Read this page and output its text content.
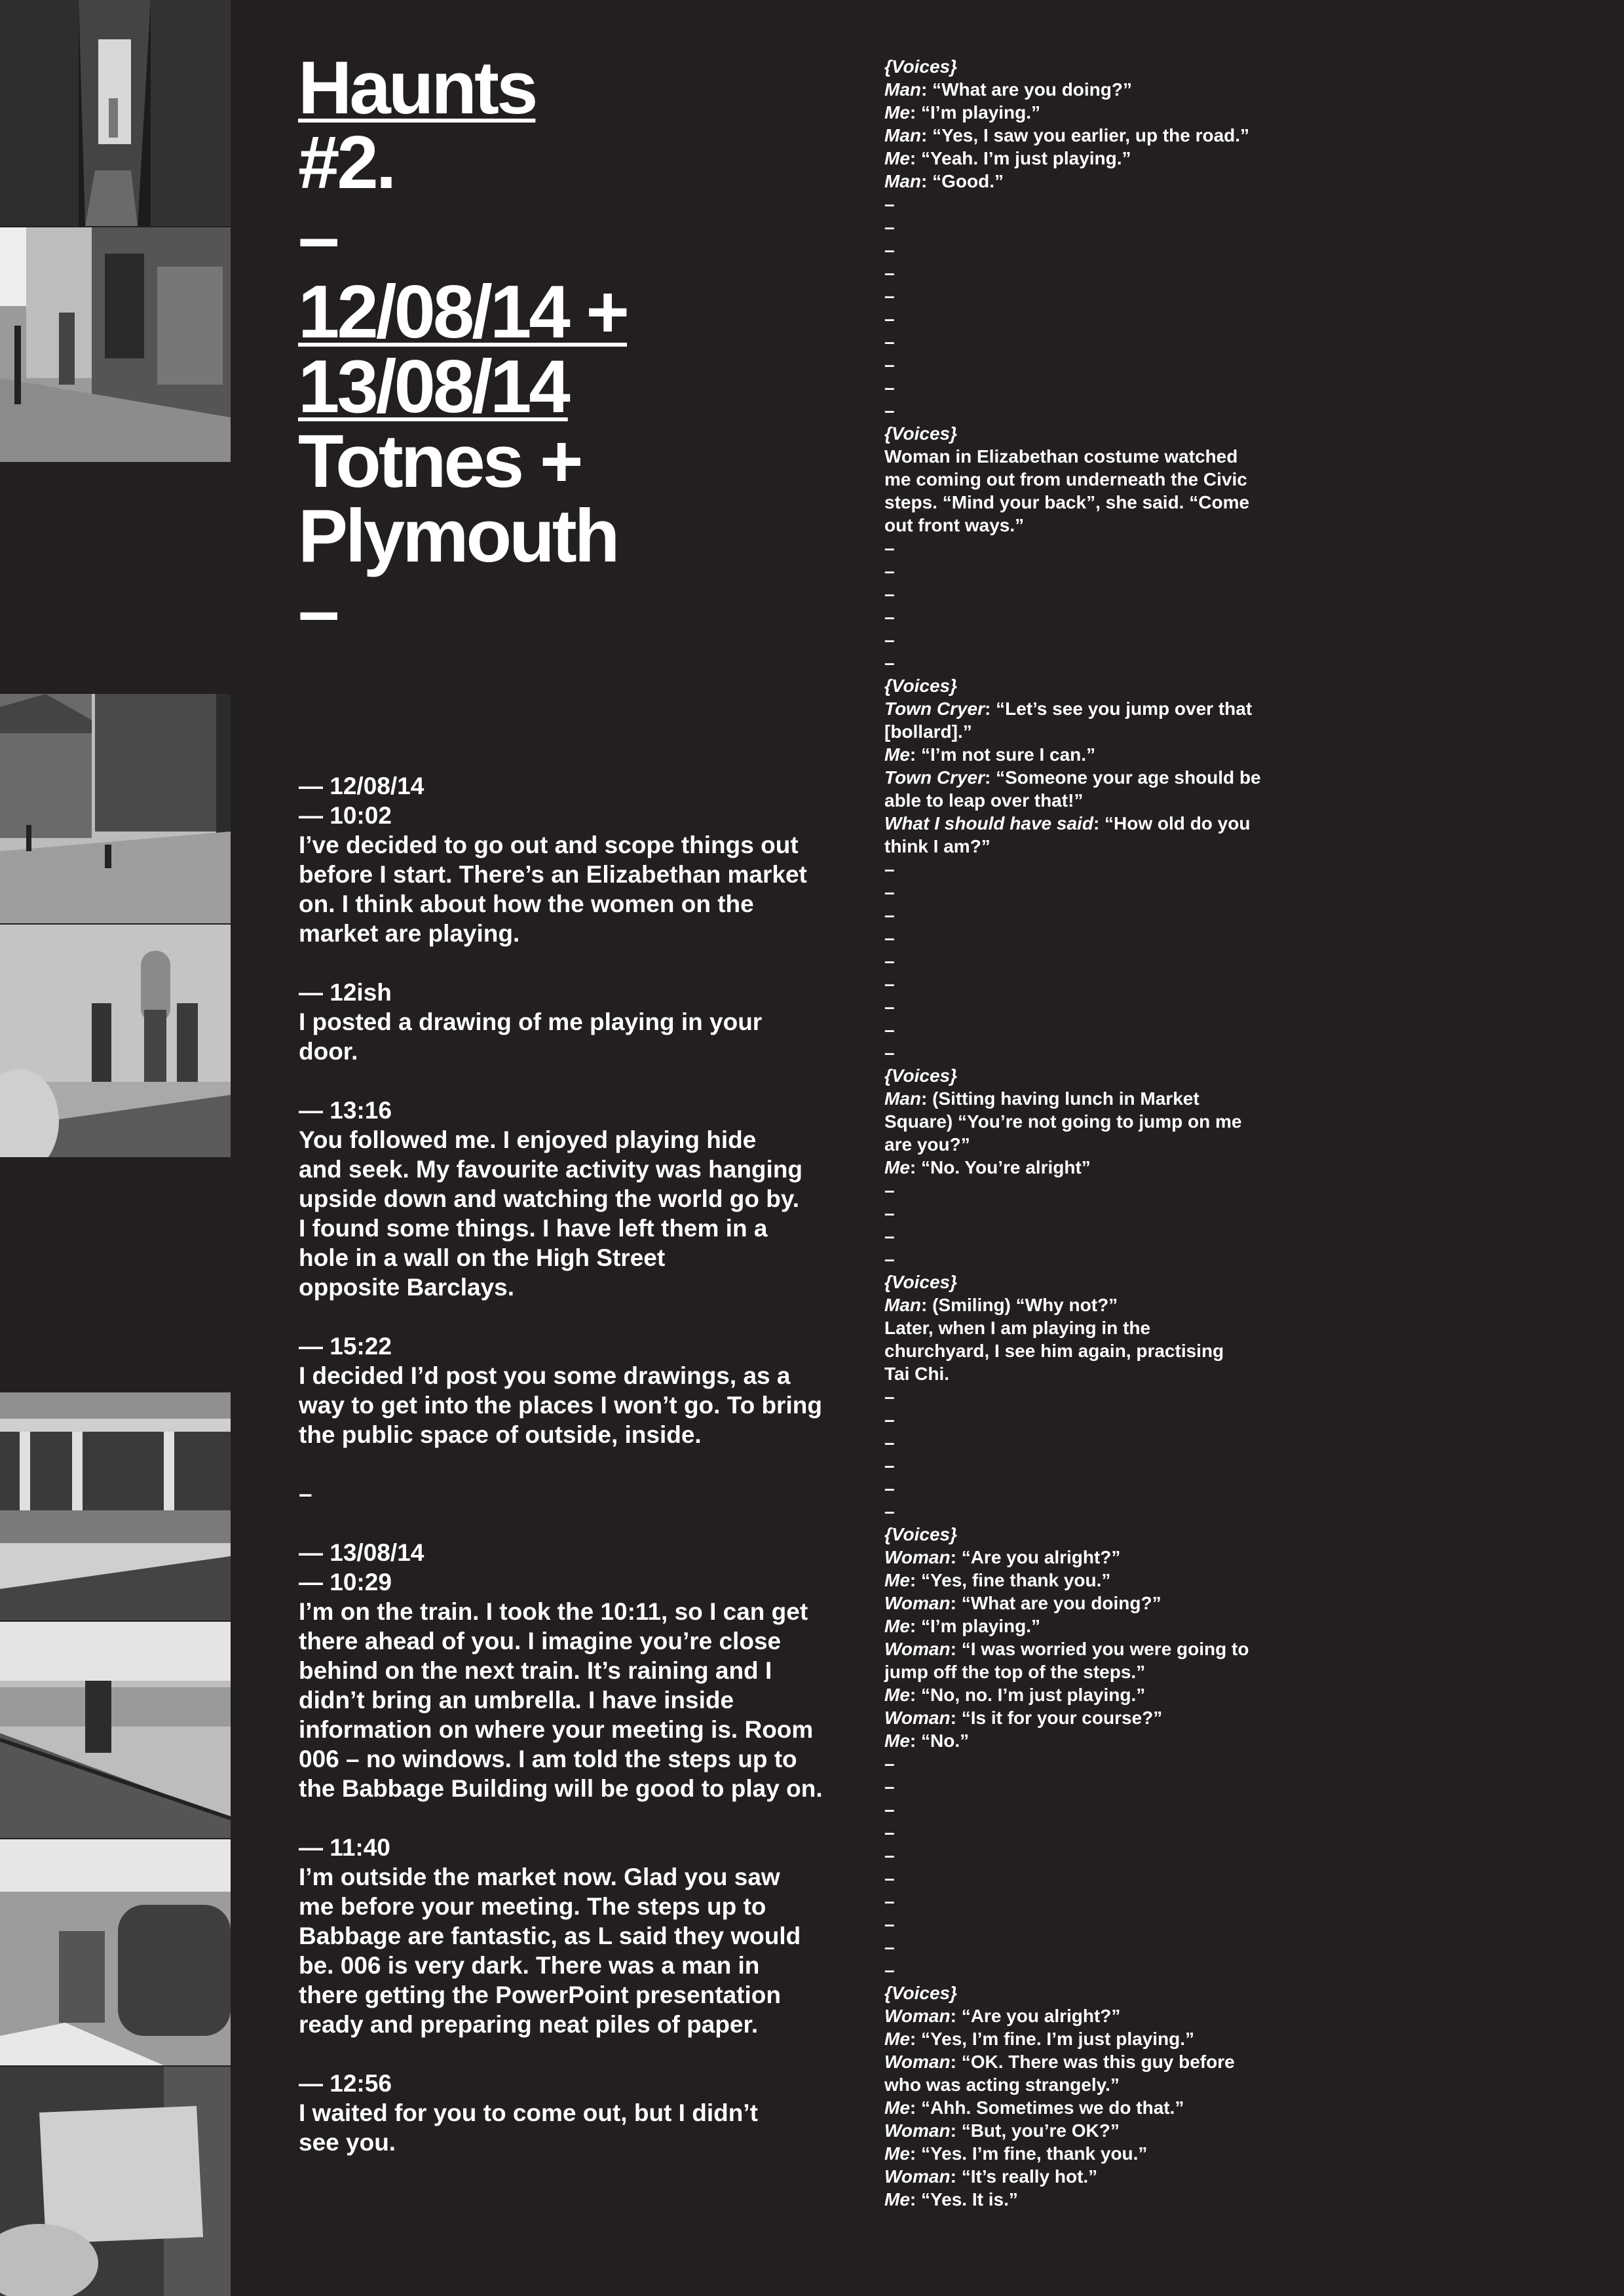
Haunts
#2.
–
12/08/14 +
13/08/14
Totnes +
Plymouth
–

— 12/08/14

— 10:02

I’ve decided to go out and scope things out

before I start. There’s an Elizabethan market

on. I think about how the women on the

market are playing.

— 12ish

I posted a drawing of me playing in your door.

— 13:16

You followed me. I enjoyed playing hide

and seek. My favourite activity was hanging

upside down and watching the world go by.

I found some things. I have left them in a

hole in a wall on the High Street

opposite Barclays.

— 15:22

I decided I’d post you some drawings, as a

way to get into the places I won’t go. To bring

the public space of outside, inside.

–

— 13/08/14

— 10:29

I’m on the train. I took the 10:11, so I can get

there ahead of you. I imagine you’re close

behind on the next train. It’s raining and I

didn’t bring an umbrella. I have inside

information on where your meeting is. Room

006 – no windows. I am told the steps up to

the Babbage Building will be good to play on.

— 11:40

I’m outside the market now. Glad you saw

me before your meeting. The steps up to

Babbage are fantastic, as L said they would

be. 006 is very dark. There was a man in

there getting the PowerPoint presentation

ready and preparing neat piles of paper.

— 12:56

I waited for you to come out, but I didn’t

see you.

{Voices}
Man: “What are you doing?”
Me: “I’m playing.”
Man: “Yes, I saw you earlier, up the road.”
Me: “Yeah. I’m just playing.”
Man: “Good.”
–
–
–
–
–
–
–
–
–
–
{Voices}
Woman in Elizabethan costume watched
me coming out from underneath the Civic
steps. “Mind your back”, she said. “Come
out front ways.”
–
–
–
–
–
–
{Voices}
Town Cryer: “Let’s see you jump over that
[bollard].”
Me: “I’m not sure I can.”
Town Cryer: “Someone your age should be
able to leap over that!”
What I should have said: “How old do you
think I am?”
–
–
–
–
–
–
–
–
–
{Voices}
Man: (Sitting having lunch in Market
Square) “You’re not going to jump on me
are you?”
Me: “No. You’re alright”
–
–
–
–
{Voices}
Man: (Smiling) “Why not?”
Later, when I am playing in the
churchyard, I see him again, practising
Tai Chi.
–
–
–
–
–
–
{Voices}
Woman: “Are you alright?”
Me: “Yes, fine thank you.”
Woman: “What are you doing?”
Me: “I’m playing.”
Woman: “I was worried you were going to
jump off the top of the steps.”
Me: “No, no. I’m just playing.”
Woman: “Is it for your course?”
Me: “No.”
–
–
–
–
–
–
–
–
–
–
{Voices}
Woman: “Are you alright?”
Me: “Yes, I’m fine. I’m just playing.”
Woman: “OK. There was this guy before
who was acting strangely.”
Me: “Ahh. Sometimes we do that.”
Woman: “But, you’re OK?”
Me: “Yes. I’m fine, thank you.”
Woman: “It’s really hot.”
Me: “Yes. It is.”
